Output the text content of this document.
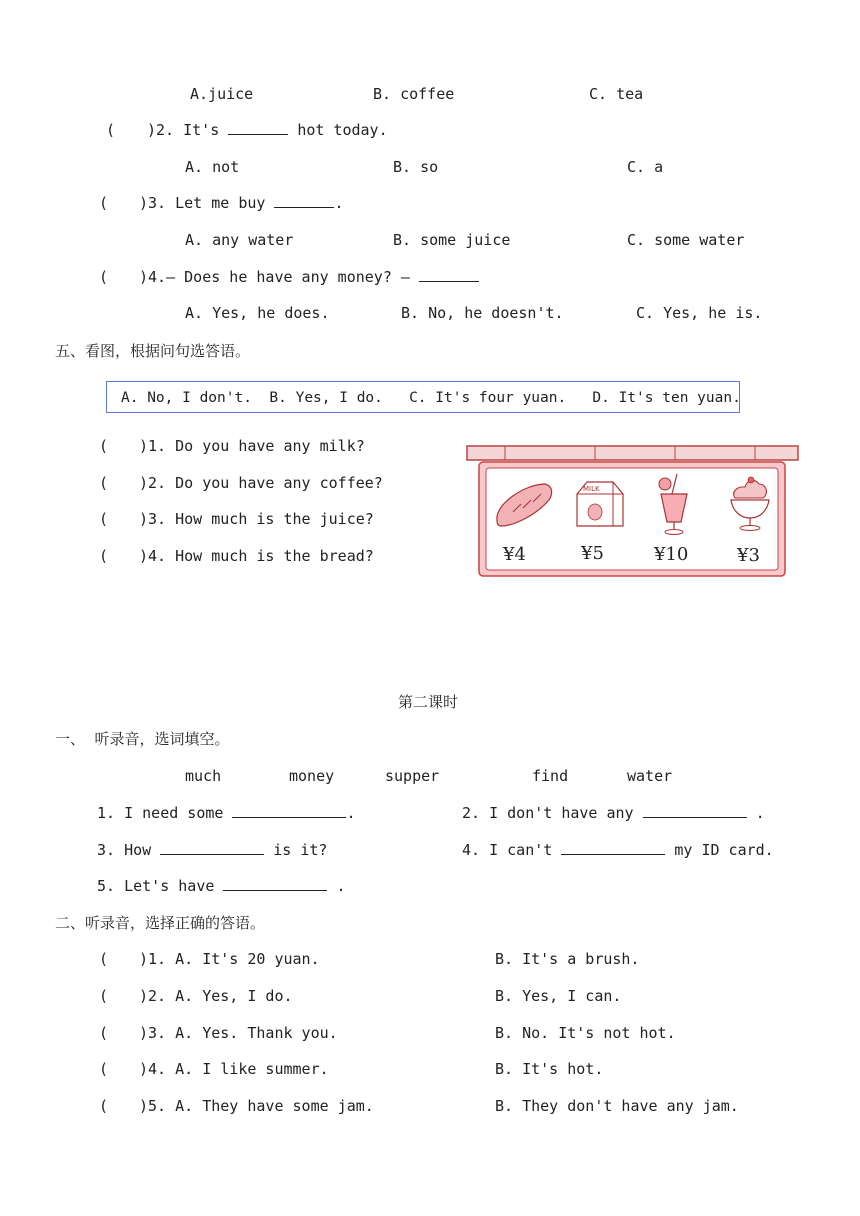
A.juice	B. coffee	C. tea
( )2. It's	hot today.
A. not	B. so	C. a
( )3. Let me buy	.
A. any water	B. some juice	C. some water
( )4.— Does he have any money? —
A. Yes, he does.	B. No, he doesn't.	C. Yes, he is.
五、看图，根据问句选答语。
A. No, I don't.  B. Yes, I do.   C. It's four yuan.   D. It's ten yuan.
( )1. Do you have any milk?
( )2. Do you have any coffee?
( )3. How much is the juice?
( )4. How much is the bread?
MILK
¥4	¥5	¥10	¥3
第二课时
一、  听录音，选词填空。
much	money	supper	find	water
1. I need some	.	2. I don't have any	.
3. How	is it?	4. I can't	my ID card.
5. Let's have	.
二、听录音，选择正确的答语。
( )1. A. It's 20 yuan.	B. It's a brush.
( )2. A. Yes, I do.	B. Yes, I can.
( )3. A. Yes. Thank you.	B. No. It's not hot.
( )4. A. I like summer.	B. It's hot.
( )5. A. They have some jam.	B. They don't have any jam.
